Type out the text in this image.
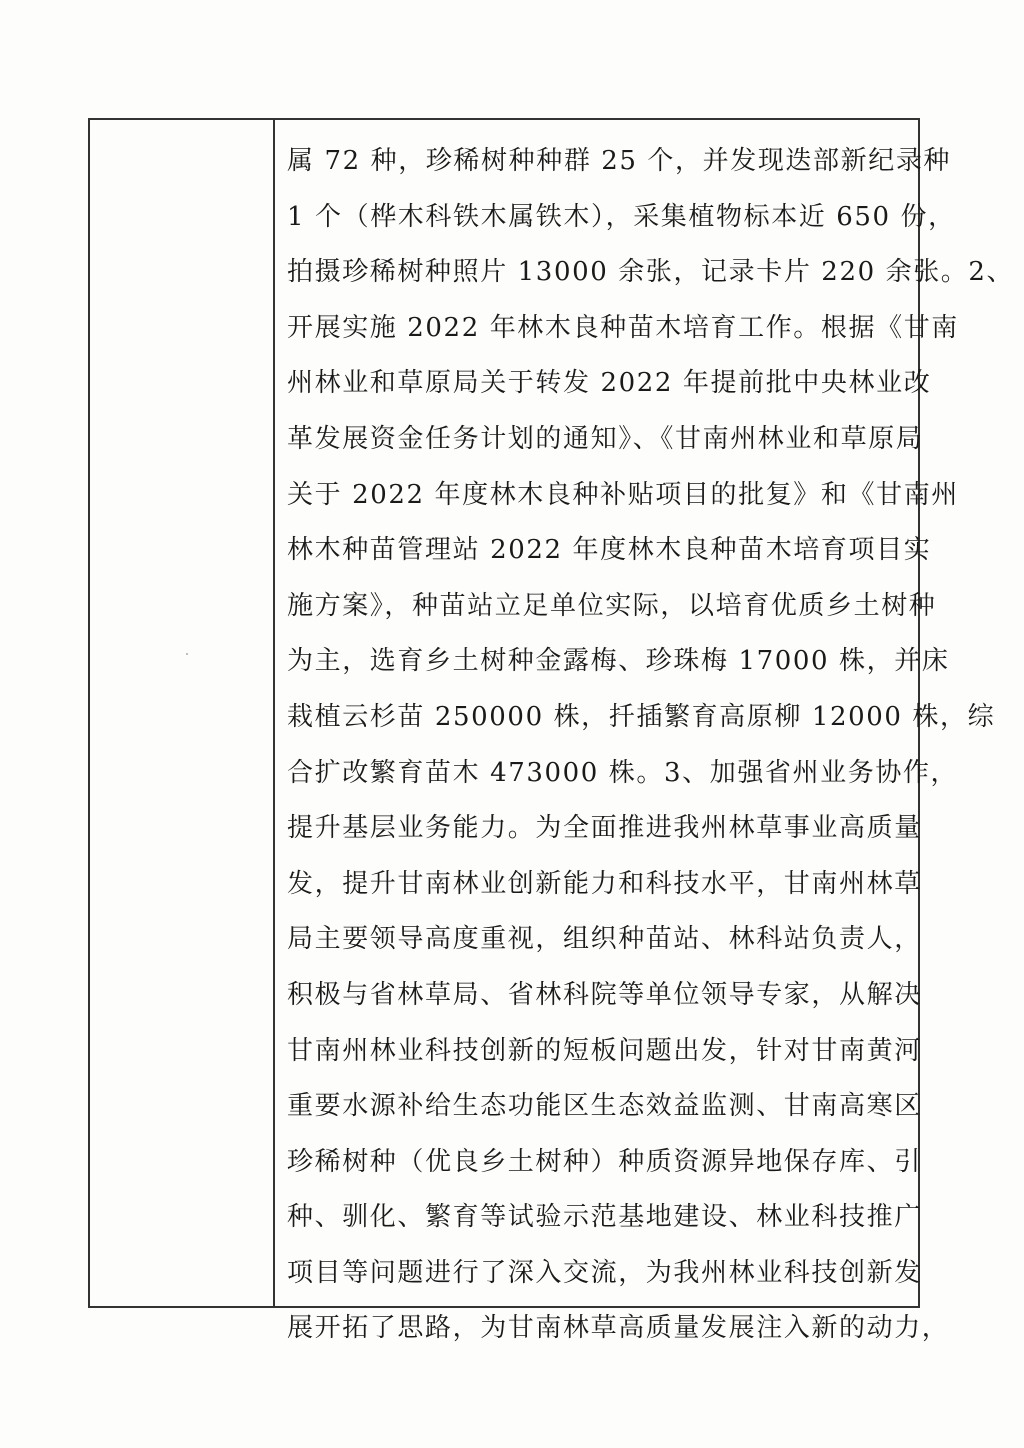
属 72 种，珍稀树种种群 25 个，并发现迭部新纪录种
1 个（桦木科铁木属铁木），采集植物标本近 650 份，
拍摄珍稀树种照片 13000 余张，记录卡片 220 余张。2、
开展实施 2022 年林木良种苗木培育工作。根据《甘南
州林业和草原局关于转发 2022 年提前批中央林业改
革发展资金任务计划的通知》、《甘南州林业和草原局
关于 2022 年度林木良种补贴项目的批复》和《甘南州
林木种苗管理站 2022 年度林木良种苗木培育项目实
施方案》，种苗站立足单位实际，以培育优质乡土树种
为主，选育乡土树种金露梅、珍珠梅 17000 株，并床
栽植云杉苗 250000 株，扦插繁育高原柳 12000 株，综
合扩改繁育苗木 473000 株。3、加强省州业务协作，
提升基层业务能力。为全面推进我州林草事业高质量
发，提升甘南林业创新能力和科技水平，甘南州林草
局主要领导高度重视，组织种苗站、林科站负责人，
积极与省林草局、省林科院等单位领导专家，从解决
甘南州林业科技创新的短板问题出发，针对甘南黄河
重要水源补给生态功能区生态效益监测、甘南高寒区
珍稀树种（优良乡土树种）种质资源异地保存库、引
种、驯化、繁育等试验示范基地建设、林业科技推广
项目等问题进行了深入交流，为我州林业科技创新发
展开拓了思路，为甘南林草高质量发展注入新的动力，
